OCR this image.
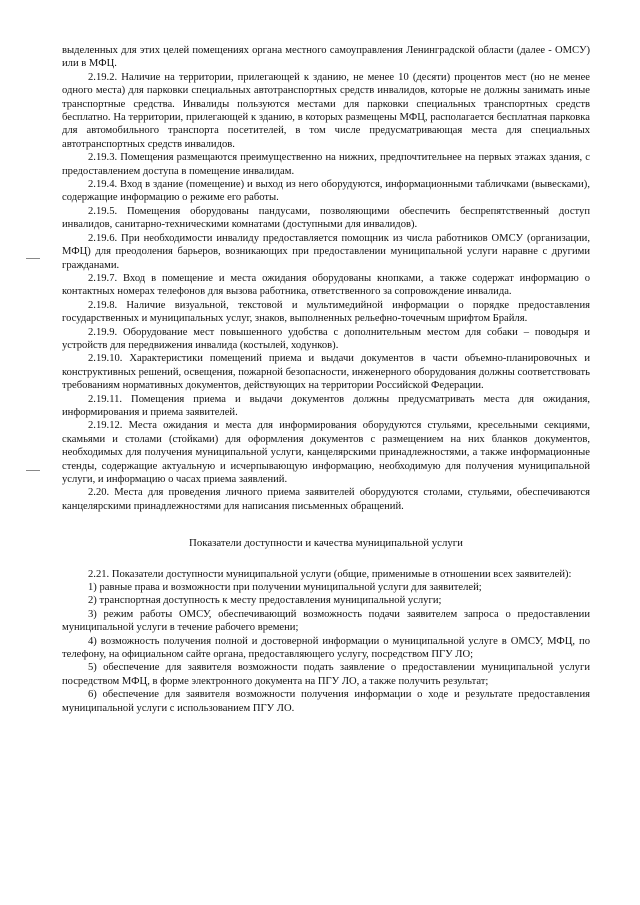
выделенных для этих целей помещениях органа местного самоуправления Ленинградской области (далее - ОМСУ) или в МФЦ.

2.19.2. Наличие на территории, прилегающей к зданию, не менее 10 (десяти) процентов мест (но не менее одного места) для парковки специальных автотранспортных средств инвалидов, которые не должны занимать иные транспортные средства. Инвалиды пользуются местами для парковки специальных транспортных средств бесплатно. На территории, прилегающей к зданию, в которых размещены МФЦ, располагается бесплатная парковка для автомобильного транспорта посетителей, в том числе предусматривающая места для специальных автотранспортных средств инвалидов.

2.19.3. Помещения размещаются преимущественно на нижних, предпочтительнее на первых этажах здания, с предоставлением доступа в помещение инвалидам.

2.19.4. Вход в здание (помещение) и выход из него оборудуются, информационными табличками (вывесками), содержащие информацию о режиме его работы.

2.19.5. Помещения оборудованы пандусами, позволяющими обеспечить беспрепятственный доступ инвалидов, санитарно-техническими комнатами (доступными для инвалидов).

2.19.6. При необходимости инвалиду предоставляется помощник из числа работников ОМСУ (организации, МФЦ) для преодоления барьеров, возникающих при предоставлении муниципальной услуги наравне с другими гражданами.

2.19.7. Вход в помещение и места ожидания оборудованы кнопками, а также содержат информацию о контактных номерах телефонов для вызова работника, ответственного за сопровождение инвалида.

2.19.8. Наличие визуальной, текстовой и мультимедийной информации о порядке предоставления государственных и муниципальных услуг, знаков, выполненных рельефно-точечным шрифтом Брайля.

2.19.9. Оборудование мест повышенного удобства с дополнительным местом для собаки – поводыря и устройств для передвижения инвалида (костылей, ходунков).

2.19.10. Характеристики помещений приема и выдачи документов в части объемно-планировочных и конструктивных решений, освещения, пожарной безопасности, инженерного оборудования должны соответствовать требованиям нормативных документов, действующих на территории Российской Федерации.

2.19.11. Помещения приема и выдачи документов должны предусматривать места для ожидания, информирования и приема заявителей.

2.19.12. Места ожидания и места для информирования оборудуются стульями, кресельными секциями, скамьями и столами (стойками) для оформления документов с размещением на них бланков документов, необходимых для получения муниципальной услуги, канцелярскими принадлежностями, а также информационные стенды, содержащие актуальную и исчерпывающую информацию, необходимую для получения муниципальной услуги, и информацию о часах приема заявлений.

2.20. Места для проведения личного приема заявителей оборудуются столами, стульями, обеспечиваются канцелярскими принадлежностями для написания письменных обращений.

Показатели доступности и качества муниципальной услуги

2.21. Показатели доступности муниципальной услуги (общие, применимые в отношении всех заявителей):

1) равные права и возможности при получении муниципальной услуги для заявителей;

2) транспортная доступность к месту предоставления муниципальной услуги;

3) режим работы ОМСУ, обеспечивающий возможность подачи заявителем запроса о предоставлении муниципальной услуги в течение рабочего времени;

4) возможность получения полной и достоверной информации о муниципальной услуге в ОМСУ, МФЦ, по телефону, на официальном сайте органа, предоставляющего услугу, посредством ПГУ ЛО;

5) обеспечение для заявителя возможности подать заявление о предоставлении муниципальной услуги посредством МФЦ, в форме электронного документа на ПГУ ЛО, а также получить результат;

6) обеспечение для заявителя возможности получения информации о ходе и результате предоставления муниципальной услуги с использованием ПГУ ЛО.
